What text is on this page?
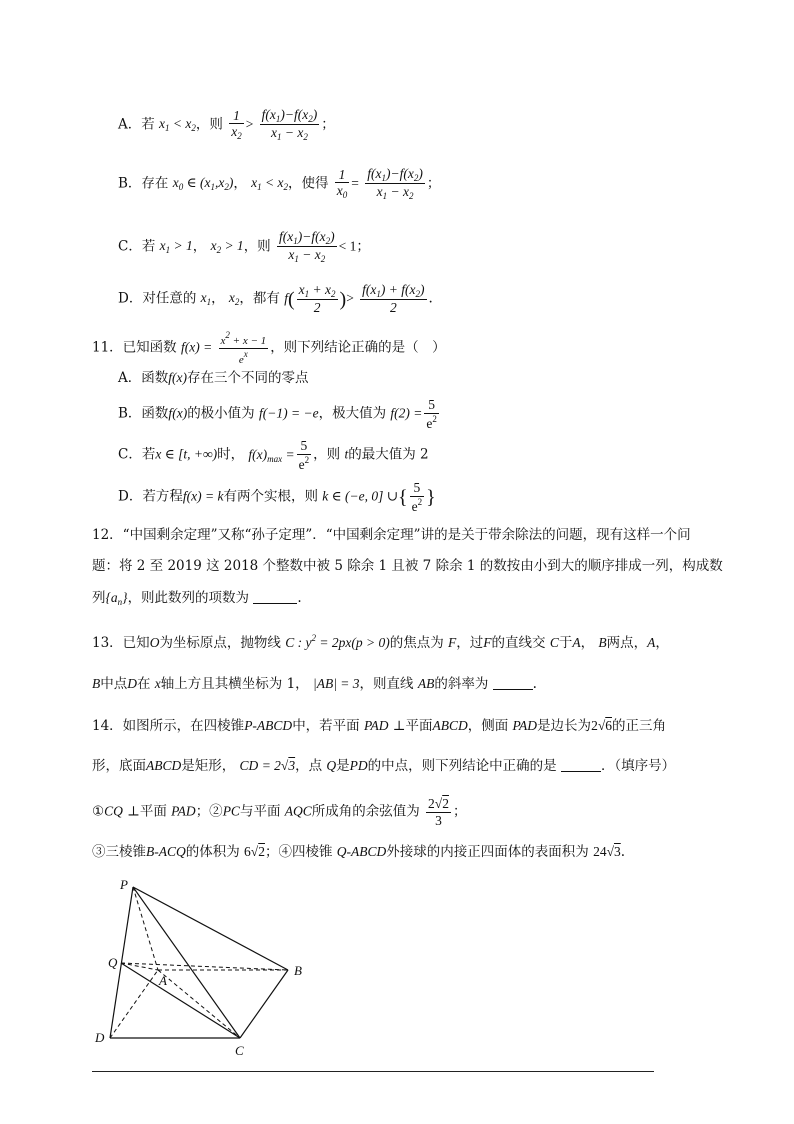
A．若 $x_1 < x_2$，则 $\frac{1}{x_2} > \frac{f(x_1)-f(x_2)}{x_1 - x_2}$ ；
B．存在 $x_0$ ∈ $(x_1,x_2)$， $x_1 < x_2$，使得 $\frac{1}{x_0} = \frac{f(x_1)-f(x_2)}{x_1 - x_2}$ ；
C．若 $x_1 > 1$， $x_2 > 1$，则 $\frac{f(x_1)-f(x_2)}{x_1 - x_2} < 1$；
D．对任意的 $x_1$， $x_2$，都有 $f( \frac{x_1 + x_2}{2}$ )> $\frac{f(x_1) + f(x_2)}{2}$ .
11．已知函数 $f(x) = \frac{x^2 + x - 1}{e^x}$ ，则下列结论正确的是（　）
A．函数f(x)存在三个不同的零点
B．函数f(x)的极小值为 f(−1) = −e，极大值为 $f(2) = \frac{5}{e^2}$
C．若x ∈ [t, +∞)时， $f(x)_{max} = \frac{5}{e^2}$ ，则 t的最大值为 2
D．若方程f(x) = k有两个实根，则 k ∈ (−e, 0] ∪{ $\frac{5}{e^2}$ }
12．“中国剩余定理”又称“孙子定理”．“中国剩余定理”讲的是关于带余除法的问题，现有这样一个问
题：将 2 至 2019 这 2018 个整数中被 5 除余 1 且被 7 除余 1 的数按由小到大的顺序排成一列，构成数
列$\{a_n\}$，则此数列的项数为	.
13．已知O为坐标原点，抛物线 C : $y^2 = 2px(p > 0)$的焦点为 F，过F的直线交 C于A， B两点，A，
B中点D在 x轴上方且其横坐标为 1， |AB| = 3，则直线 AB的斜率为	.
14．如图所示，在四棱锥P-ABCD中，若平面 PAD ⊥平面ABCD，侧面 PAD是边长为2√6的正三角
形，底面ABCD是矩形， CD = 2√3，点 Q是PD的中点，则下列结论中正确的是	．（填序号）
①CQ ⊥平面 PAD；②PC与平面 AQC所成角的余弦值为 $\frac{2√2}{3}$ ；
③三棱锥B-ACQ的体积为 6√2；④四棱锥 Q-ABCD外接球的内接正四面体的表面积为 24√3.
P
Q
A
B
C
D
